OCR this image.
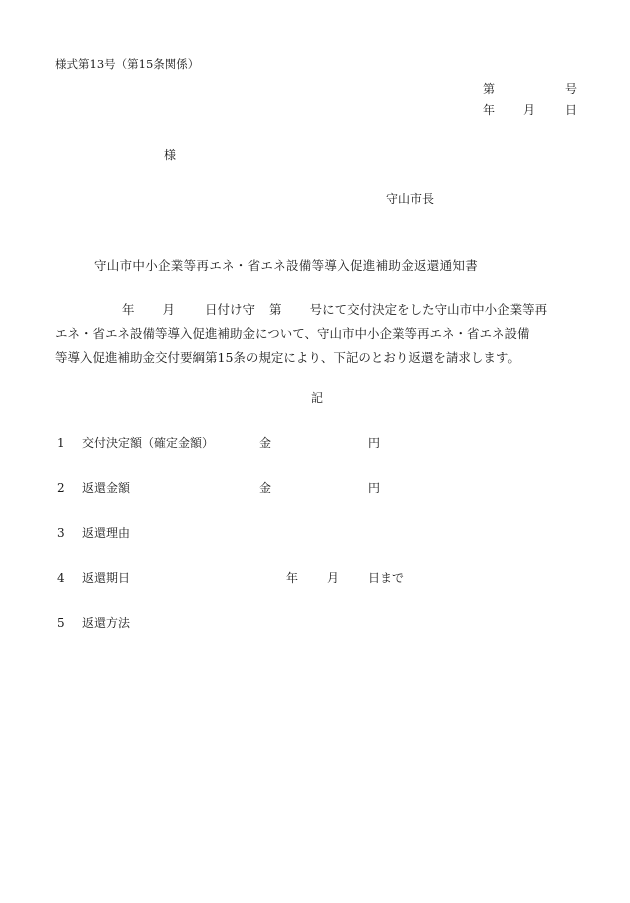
様式第13号（第15条関係）
第	号
年 月 日
様
守山市長
守山市中小企業等再エネ・省エネ設備等導入促進補助金返還通知書
年 月 日付け守 第 号にて交付決定をした守山市中小企業等再
エネ・省エネ設備等導入促進補助金について、守山市中小企業等再エネ・省エネ設備
等導入促進補助金交付要綱第15条の規定により、下記のとおり返還を請求します。
記
1 交付決定額（確定金額）	金	円
2 返還金額	金	円
3 返還理由
4 返還期日	年 月 日まで
5 返還方法
